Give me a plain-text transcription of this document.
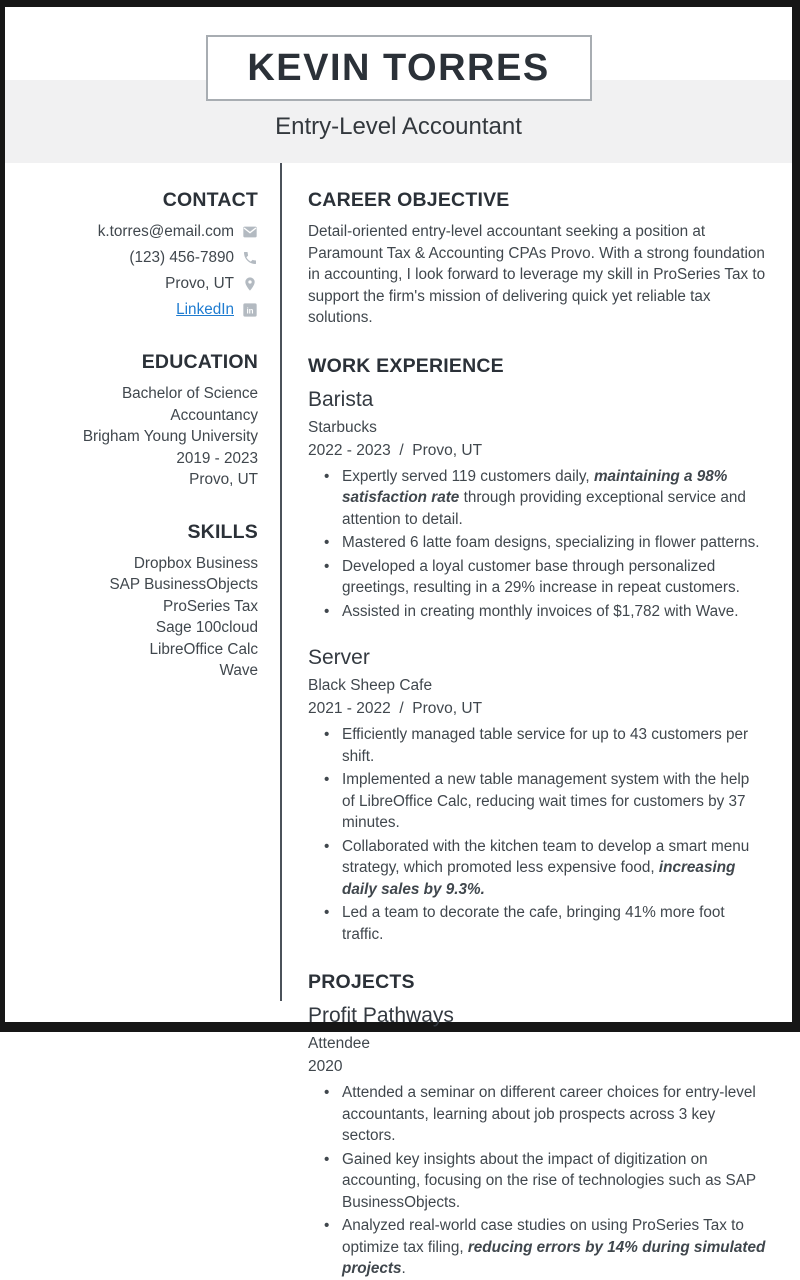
KEVIN TORRES
Entry-Level Accountant
CONTACT
k.torres@email.com
(123) 456-7890
Provo, UT
LinkedIn in
EDUCATION
Bachelor of Science
Accountancy
Brigham Young University
2019 - 2023
Provo, UT
SKILLS
Dropbox Business
SAP BusinessObjects
ProSeries Tax
Sage 100cloud
LibreOffice Calc
Wave
CAREER OBJECTIVE

Detail-oriented entry-level accountant seeking a position at Paramount Tax & Accounting CPAs Provo. With a strong foundation in accounting, I look forward to leverage my skill in ProSeries Tax to support the firm's mission of delivering quick yet reliable tax solutions.

WORK EXPERIENCE
Barista
Starbucks
2022 - 2023  /  Provo, UT
• Expertly served 119 customers daily, maintaining a 98% satisfaction rate through providing exceptional service and attention to detail.
• Mastered 6 latte foam designs, specializing in flower patterns.
• Developed a loyal customer base through personalized greetings, resulting in a 29% increase in repeat customers.
• Assisted in creating monthly invoices of $1,782 with Wave.
Server
Black Sheep Cafe
2021 - 2022  /  Provo, UT
• Efficiently managed table service for up to 43 customers per shift.
• Implemented a new table management system with the help of LibreOffice Calc, reducing wait times for customers by 37 minutes.
• Collaborated with the kitchen team to develop a smart menu strategy, which promoted less expensive food, increasing daily sales by 9.3%.
• Led a team to decorate the cafe, bringing 41% more foot traffic.
PROJECTS
Profit Pathways
Attendee
2020
• Attended a seminar on different career choices for entry-level accountants, learning about job prospects across 3 key sectors.
• Gained key insights about the impact of digitization on accounting, focusing on the rise of technologies such as SAP BusinessObjects.
• Analyzed real-world case studies on using ProSeries Tax to optimize tax filing, reducing errors by 14% during simulated projects.
